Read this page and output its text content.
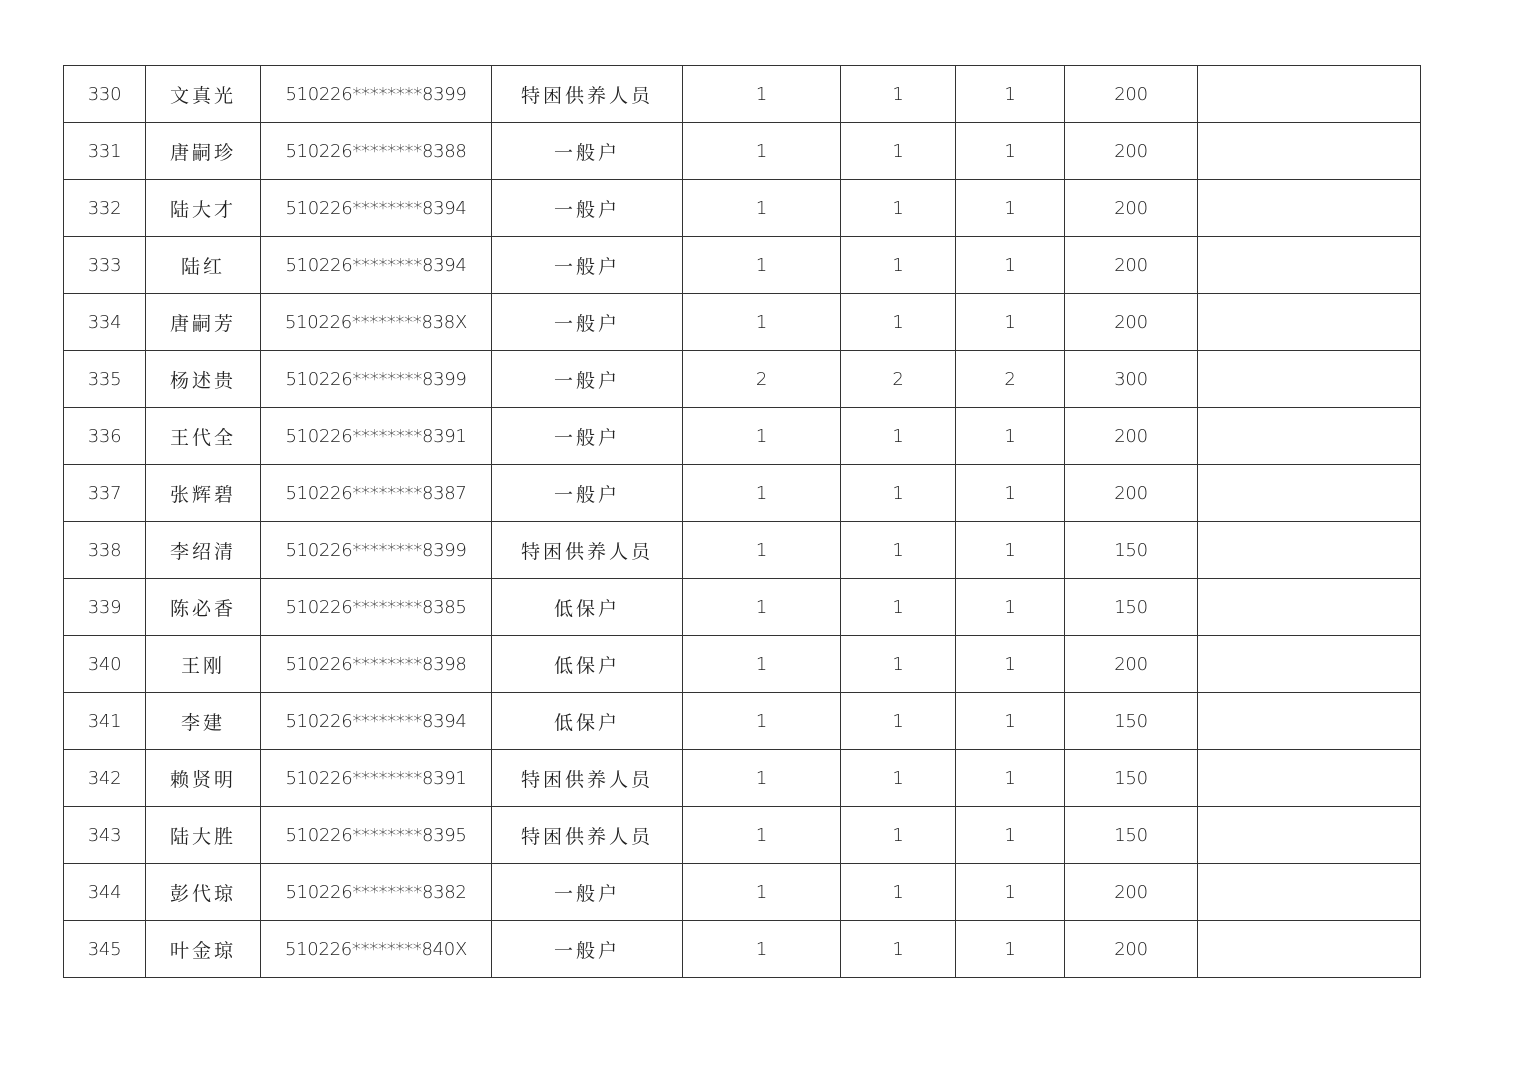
330	文真光	510226********8399	特困供养人员	1	1	1	200	
331	唐嗣珍	510226********8388	一般户	1	1	1	200	
332	陆大才	510226********8394	一般户	1	1	1	200	
333	陆红	510226********8394	一般户	1	1	1	200	
334	唐嗣芳	510226********838X	一般户	1	1	1	200	
335	杨述贵	510226********8399	一般户	2	2	2	300	
336	王代全	510226********8391	一般户	1	1	1	200	
337	张辉碧	510226********8387	一般户	1	1	1	200	
338	李绍清	510226********8399	特困供养人员	1	1	1	150	
339	陈必香	510226********8385	低保户	1	1	1	150	
340	王刚	510226********8398	低保户	1	1	1	200	
341	李建	510226********8394	低保户	1	1	1	150	
342	赖贤明	510226********8391	特困供养人员	1	1	1	150	
343	陆大胜	510226********8395	特困供养人员	1	1	1	150	
344	彭代琼	510226********8382	一般户	1	1	1	200	
345	叶金琼	510226********840X	一般户	1	1	1	200	
